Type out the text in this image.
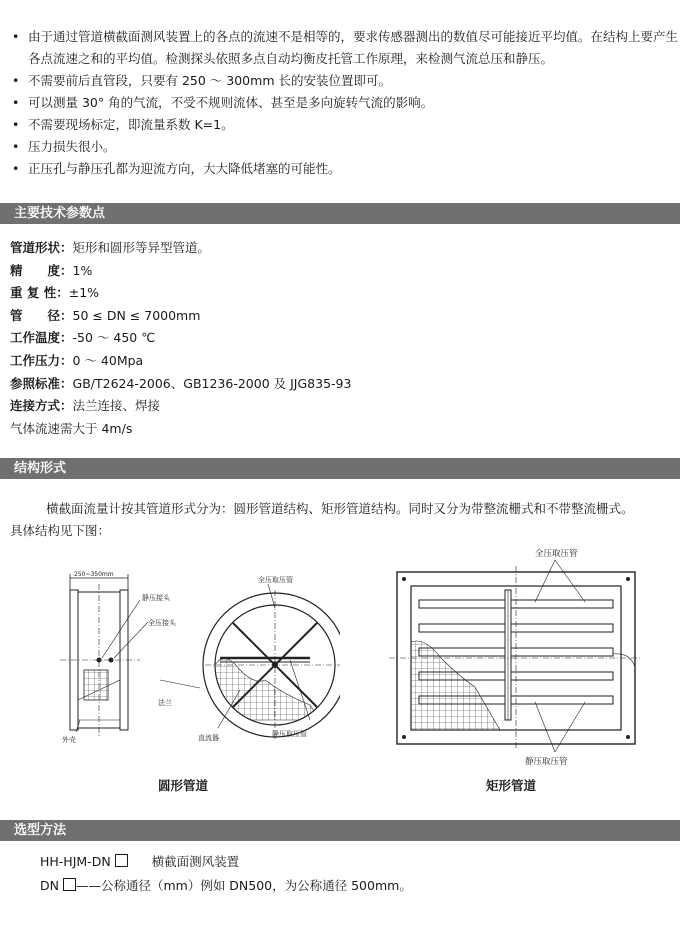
• 由于通过管道横截面测风装置上的各点的流速不是相等的，要求传感器测出的数值尽可能接近平均值。在结构上要产生各点流速之和的平均值。检测探头依照多点自动均衡皮托管工作原理，来检测气流总压和静压。
• 不需要前后直管段，只要有 250 ～ 300mm 长的安装位置即可。
• 可以测量 30° 角的气流，不受不规则流体、甚至是多向旋转气流的影响。
• 不需要现场标定，即流量系数 K=1。
• 压力损失很小。
• 正压孔与静压孔都为迎流方向，大大降低堵塞的可能性。
主要技术参数点
管道形状：矩形和圆形等异型管道。
精　　度：1%
重 复 性：±1%
管　　径：50 ≤ DN ≤ 7000mm
工作温度：-50 ～ 450 ℃
工作压力：0 ～ 40Mpa
参照标准：GB/T2624-2006、GB1236-2000 及 JJG835-93
连接方式：法兰连接、焊接
气体流速需大于 4m/s
结构形式
横截面流量计按其管道形式分为：圆形管道结构、矩形管道结构。同时又分为带整流栅式和不带整流栅式。
具体结构见下图：
250~350mm
静压接头
全压接头
全压取压管
法兰
外壳	直流器	静压取压管
圆形管道
全压取压管
静压取压管
矩形管道
选型方法
HH-HJM-DN	横截面测风装置
DN ——公称通径（mm）例如 DN500，为公称通径 500mm。
